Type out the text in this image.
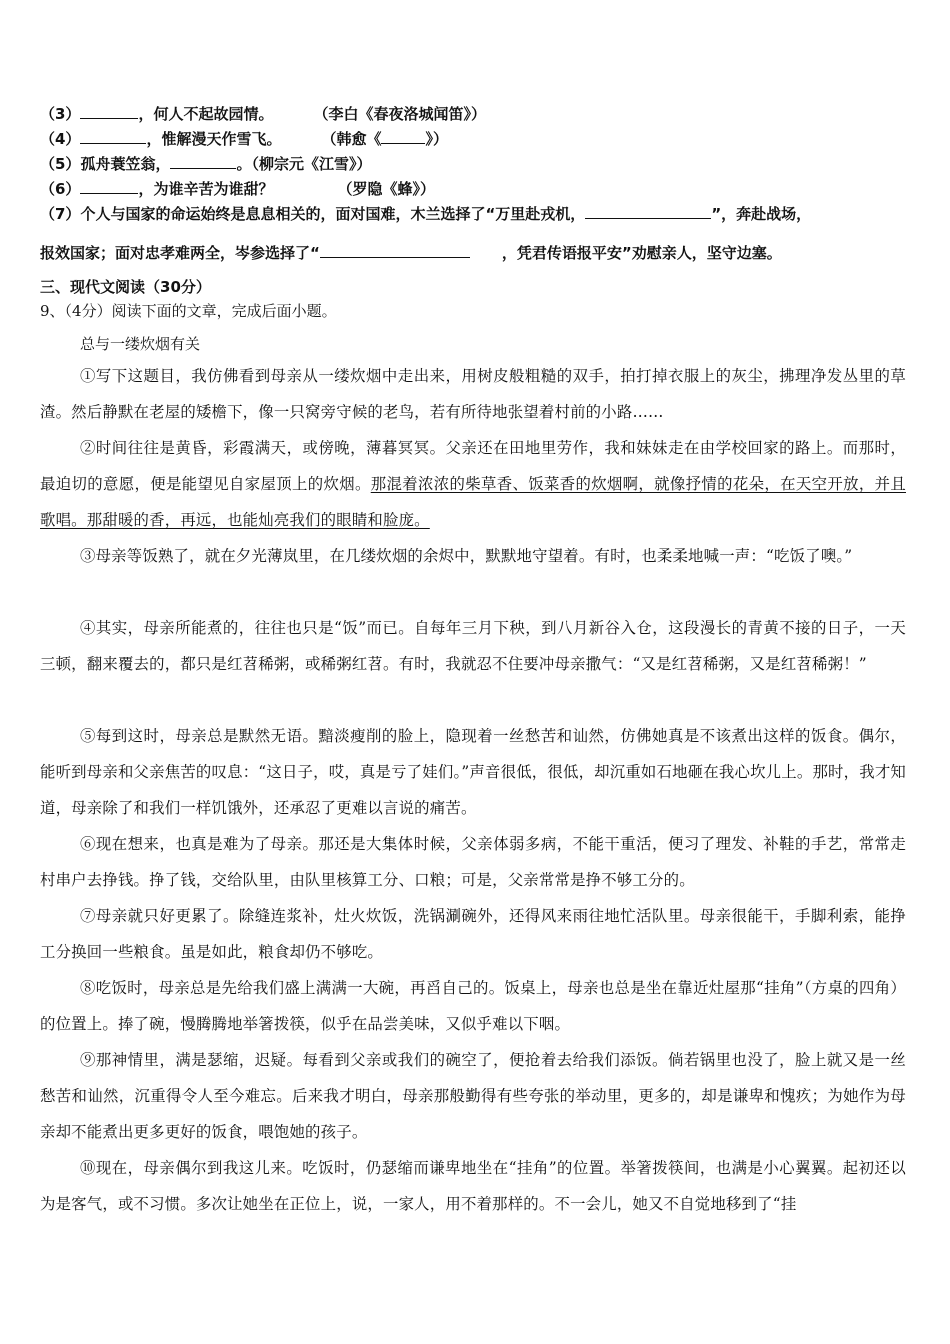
（3）	，何人不起故园情。	（李白《春夜洛城闻笛》）
（4）	，惟解漫天作雪飞。	（韩愈《	》）
（5）孤舟蓑笠翁，	。（柳宗元《江雪》）
（6）	，为谁辛苦为谁甜？	（罗隐《蜂》）
（7）个人与国家的命运始终是息息相关的，面对国难，木兰选择了“万里赴戎机，	”，奔赴战场，
报效国家；面对忠孝难两全，岑参选择了“	，凭君传语报平安”劝慰亲人，坚守边塞。
三、现代文阅读（30分）
9、（4分）阅读下面的文章，完成后面小题。
总与一缕炊烟有关
①写下这题目，我仿佛看到母亲从一缕炊烟中走出来，用树皮般粗糙的双手，拍打掉衣服上的灰尘，拂理净发丛里的草渣。然后静默在老屋的矮檐下，像一只窝旁守候的老鸟，若有所待地张望着村前的小路……
②时间往往是黄昏，彩霞满天，或傍晚，薄暮冥冥。父亲还在田地里劳作，我和妹妹走在由学校回家的路上。而那时，最迫切的意愿，便是能望见自家屋顶上的炊烟。那混着浓浓的柴草香、饭菜香的炊烟啊，就像抒情的花朵，在天空开放，并且歌唱。那甜暖的香，再远，也能灿亮我们的眼睛和脸庞。
③母亲等饭熟了，就在夕光薄岚里，在几缕炊烟的余烬中，默默地守望着。有时，也柔柔地喊一声：“吃饭了噢。”
④其实，母亲所能煮的，往往也只是“饭”而已。自每年三月下秧，到八月新谷入仓，这段漫长的青黄不接的日子，一天三顿，翻来覆去的，都只是红苕稀粥，或稀粥红苕。有时，我就忍不住要冲母亲撒气：“又是红苕稀粥，又是红苕稀粥！”
⑤每到这时，母亲总是默然无语。黯淡瘦削的脸上，隐现着一丝愁苦和讪然，仿佛她真是不该煮出这样的饭食。偶尔，能听到母亲和父亲焦苦的叹息：“这日子，哎，真是亏了娃们。”声音很低，很低，却沉重如石地砸在我心坎儿上。那时，我才知道，母亲除了和我们一样饥饿外，还承忍了更难以言说的痛苦。
⑥现在想来，也真是难为了母亲。那还是大集体时候，父亲体弱多病，不能干重活，便习了理发、补鞋的手艺，常常走村串户去挣钱。挣了钱，交给队里，由队里核算工分、口粮；可是，父亲常常是挣不够工分的。
⑦母亲就只好更累了。除缝连浆补，灶火炊饭，洗锅涮碗外，还得风来雨往地忙活队里。母亲很能干，手脚利索，能挣工分换回一些粮食。虽是如此，粮食却仍不够吃。
⑧吃饭时，母亲总是先给我们盛上满满一大碗，再舀自己的。饭桌上，母亲也总是坐在靠近灶屋那“挂角”（方桌的四角）的位置上。捧了碗，慢腾腾地举箸拨筷，似乎在品尝美味，又似乎难以下咽。
⑨那神情里，满是瑟缩，迟疑。每看到父亲或我们的碗空了，便抢着去给我们添饭。倘若锅里也没了，脸上就又是一丝愁苦和讪然，沉重得令人至今难忘。后来我才明白，母亲那般勤得有些夸张的举动里，更多的，却是谦卑和愧疚；为她作为母亲却不能煮出更多更好的饭食，喂饱她的孩子。
⑩现在，母亲偶尔到我这儿来。吃饭时，仍瑟缩而谦卑地坐在“挂角”的位置。举箸拨筷间，也满是小心翼翼。起初还以为是客气，或不习惯。多次让她坐在正位上，说，一家人，用不着那样的。不一会儿，她又不自觉地移到了“挂
